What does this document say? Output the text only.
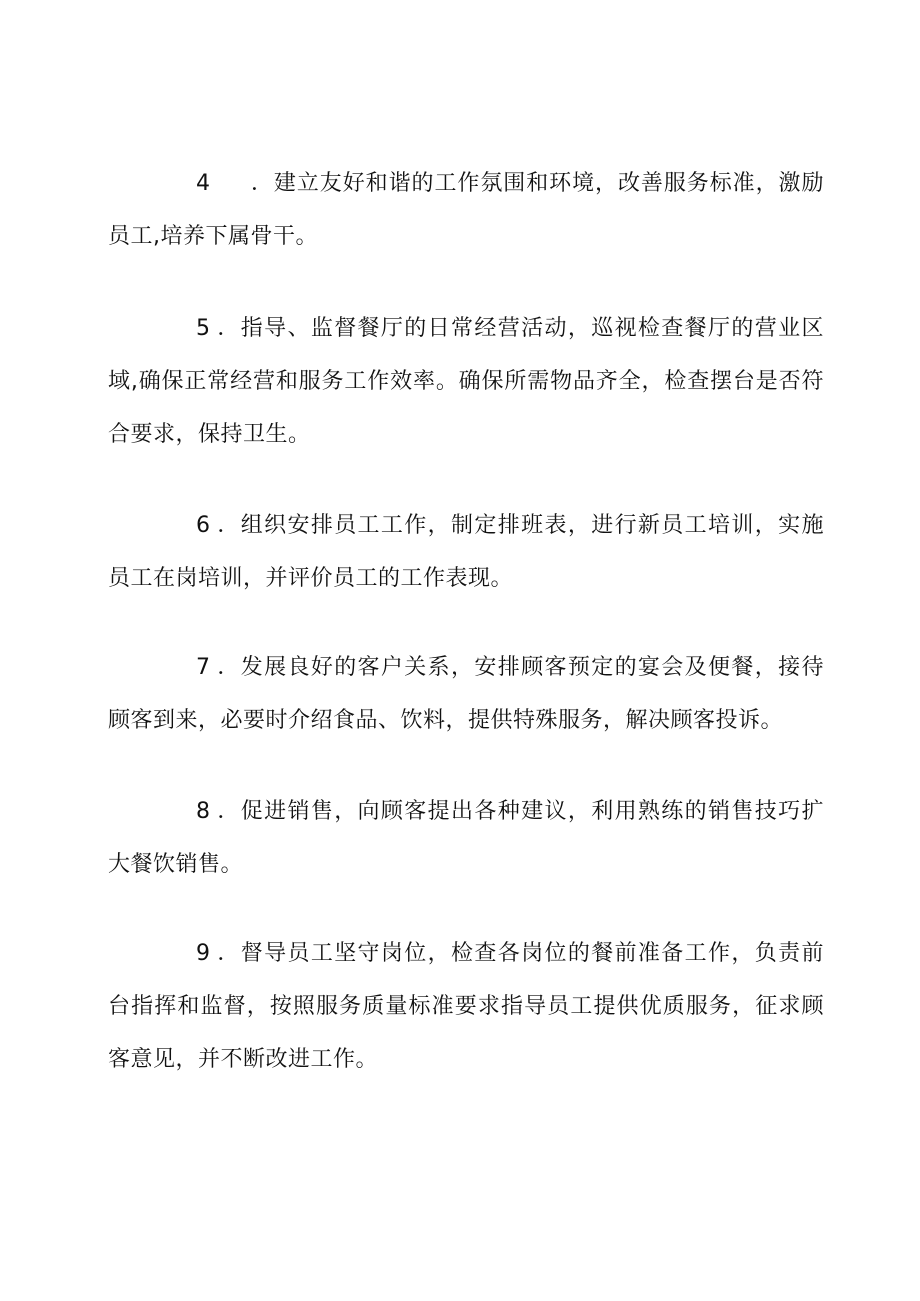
4 ．建立友好和谐的工作氛围和环境，改善服务标准，激励员工,培养下属骨干。

5 ．指导、监督餐厅的日常经营活动，巡视检查餐厅的营业区域,确保正常经营和服务工作效率。确保所需物品齐全，检查摆台是否符合要求，保持卫生。

6 ．组织安排员工工作，制定排班表，进行新员工培训，实施员工在岗培训，并评价员工的工作表现。

7 ．发展良好的客户关系，安排顾客预定的宴会及便餐，接待顾客到来，必要时介绍食品、饮料，提供特殊服务，解决顾客投诉。

8 ．促进销售，向顾客提出各种建议，利用熟练的销售技巧扩大餐饮销售。

9 ．督导员工坚守岗位，检查各岗位的餐前准备工作，负责前台指挥和监督，按照服务质量标准要求指导员工提供优质服务，征求顾客意见，并不断改进工作。
